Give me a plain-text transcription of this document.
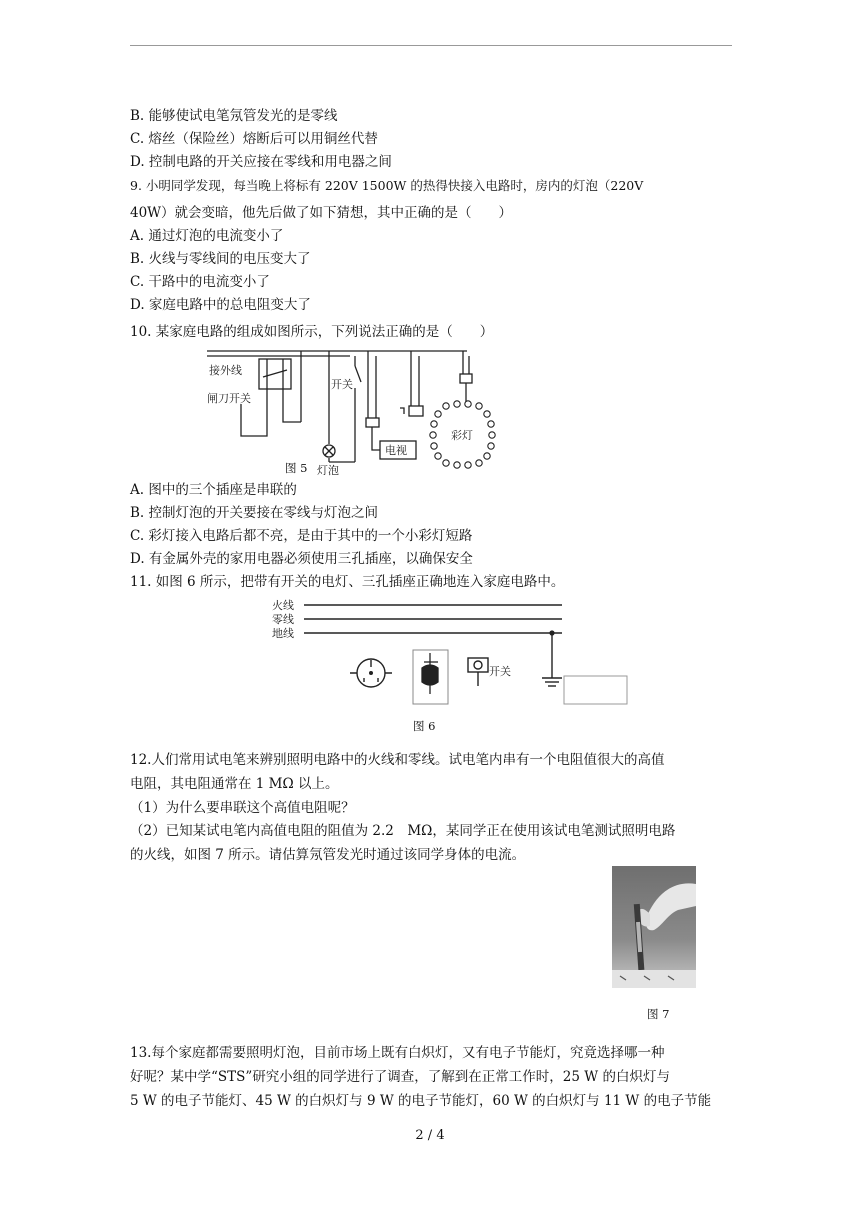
B. 能够使试电笔氖管发光的是零线
C. 熔丝（保险丝）熔断后可以用铜丝代替
D. 控制电路的开关应接在零线和用电器之间
9. 小明同学发现，每当晚上将标有 220V 1500W 的热得快接入电路时，房内的灯泡（220V
40W）就会变暗，他先后做了如下猜想，其中正确的是（　　）
A. 通过灯泡的电流变小了
B. 火线与零线间的电压变大了
C. 干路中的电流变小了
D. 家庭电路中的总电阻变大了
10. 某家庭电路的组成如图所示，下列说法正确的是（　　）
接外线
闸刀开关
开关
灯泡
电视
彩灯
图 5
A. 图中的三个插座是串联的
B. 控制灯泡的开关要接在零线与灯泡之间
C. 彩灯接入电路后都不亮，是由于其中的一个小彩灯短路
D. 有金属外壳的家用电器必须使用三孔插座，以确保安全
11. 如图 6 所示，把带有开关的电灯、三孔插座正确地连入家庭电路中。
火线
零线
地线
开关
图 6
12.人们常用试电笔来辨别照明电路中的火线和零线。试电笔内串有一个电阻值很大的高值
电阻，其电阻通常在 1 MΩ 以上。
（1）为什么要串联这个高值电阻呢？
（2）已知某试电笔内高值电阻的阻值为 2.2　MΩ，某同学正在使用该试电笔测试照明电路
的火线，如图 7 所示。请估算氖管发光时通过该同学身体的电流。
图 7
13.每个家庭都需要照明灯泡，目前市场上既有白炽灯，又有电子节能灯，究竟选择哪一种
好呢？某中学“STS”研究小组的同学进行了调查，了解到在正常工作时，25 W 的白炽灯与
5 W 的电子节能灯、45 W 的白炽灯与 9 W 的电子节能灯，60 W 的白炽灯与 11 W 的电子节能
2 / 4
